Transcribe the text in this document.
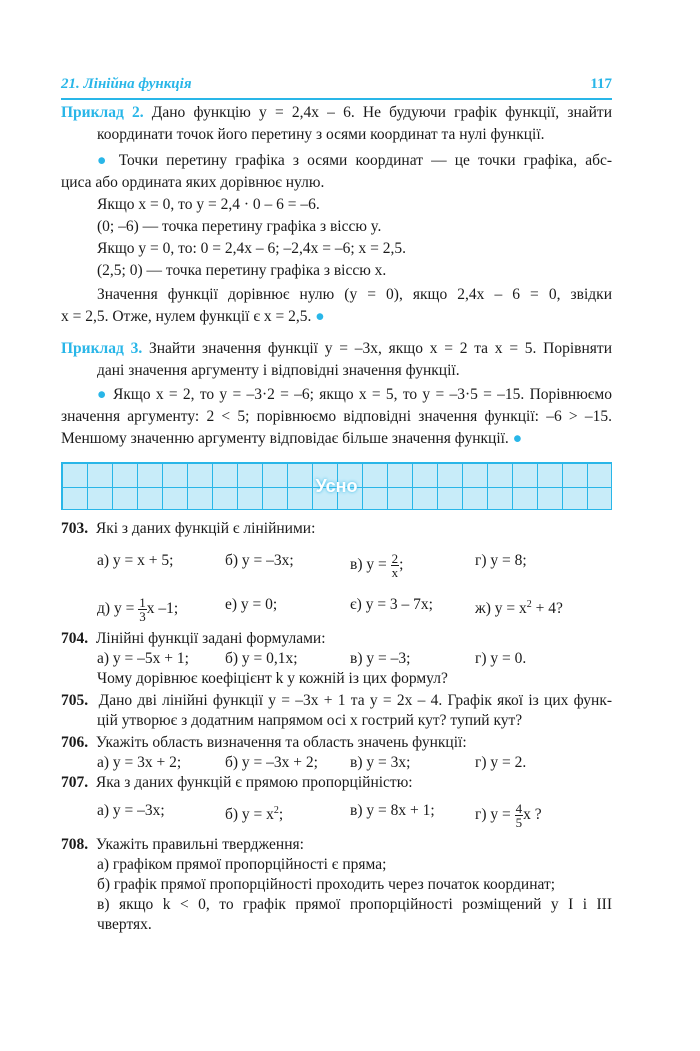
21. Лінійна функція	117
Приклад 2. Дано функцію y = 2,4x – 6. Не будуючи графік функції, знайти
координати точок його перетину з осями координат та нулі функції.
● Точки перетину графіка з осями координат — це точки графіка, абс-
циса або ордината яких дорівнює нулю.
Якщо x = 0, то y = 2,4 · 0 – 6 = –6.
(0; –6) — точка перетину графіка з віссю y.
Якщо y = 0, то: 0 = 2,4x – 6; –2,4x = –6; x = 2,5.
(2,5; 0) — точка перетину графіка з віссю x.
Значення функції дорівнює нулю (y = 0), якщо 2,4x – 6 = 0, звідки
x = 2,5. Отже, нулем функції є x = 2,5. ●
Приклад 3. Знайти значення функції y = –3x, якщо x = 2 та x = 5. Порівняти
дані значення аргументу і відповідні значення функції.
● Якщо x = 2, то y = –3·2 = –6; якщо x = 5, то y = –3·5 = –15. Порівнюємо
значення аргументу: 2 < 5; порівнюємо відповідні значення функції: –6 > –15.
Меншому значенню аргументу відповідає більше значення функції. ●
Усно
703. Які з даних функцій є лінійними:
а) y = x + 5;	б) y = –3x;	в) $y = \frac{2}{x}$ ;	г) y = 8;
д) $y = \frac{1}{3}$ x –1;	е) y = 0;	є) y = 3 – 7x;	ж) $y = x^2 + 4$?
704. Лінійні функції задані формулами:
а) y = –5x + 1; б) y = 0,1x;	в) y = –3;	г) y = 0.
Чому дорівнює коефіцієнт k у кожній із цих формул?
705. Дано дві лінійні функції y = –3x + 1 та y = 2x – 4. Графік якої із цих функ-
цій утворює з додатним напрямом осі x гострий кут? тупий кут?
706. Укажіть область визначення та область значень функції:
а) y = 3x + 2;	б) y = –3x + 2; в) y = 3x;	г) y = 2.
707. Яка з даних функцій є прямою пропорційністю:
а) y = –3x;	б) $y = x^2$;	в) y = 8x + 1;	г) $y = \frac{4}{5}$ x ?
708. Укажіть правильні твердження:
а) графіком прямої пропорційності є пряма;
б) графік прямої пропорційності проходить через початок координат;
в) якщо k < 0, то графік прямої пропорційності розміщений у I і III
чвертях.
